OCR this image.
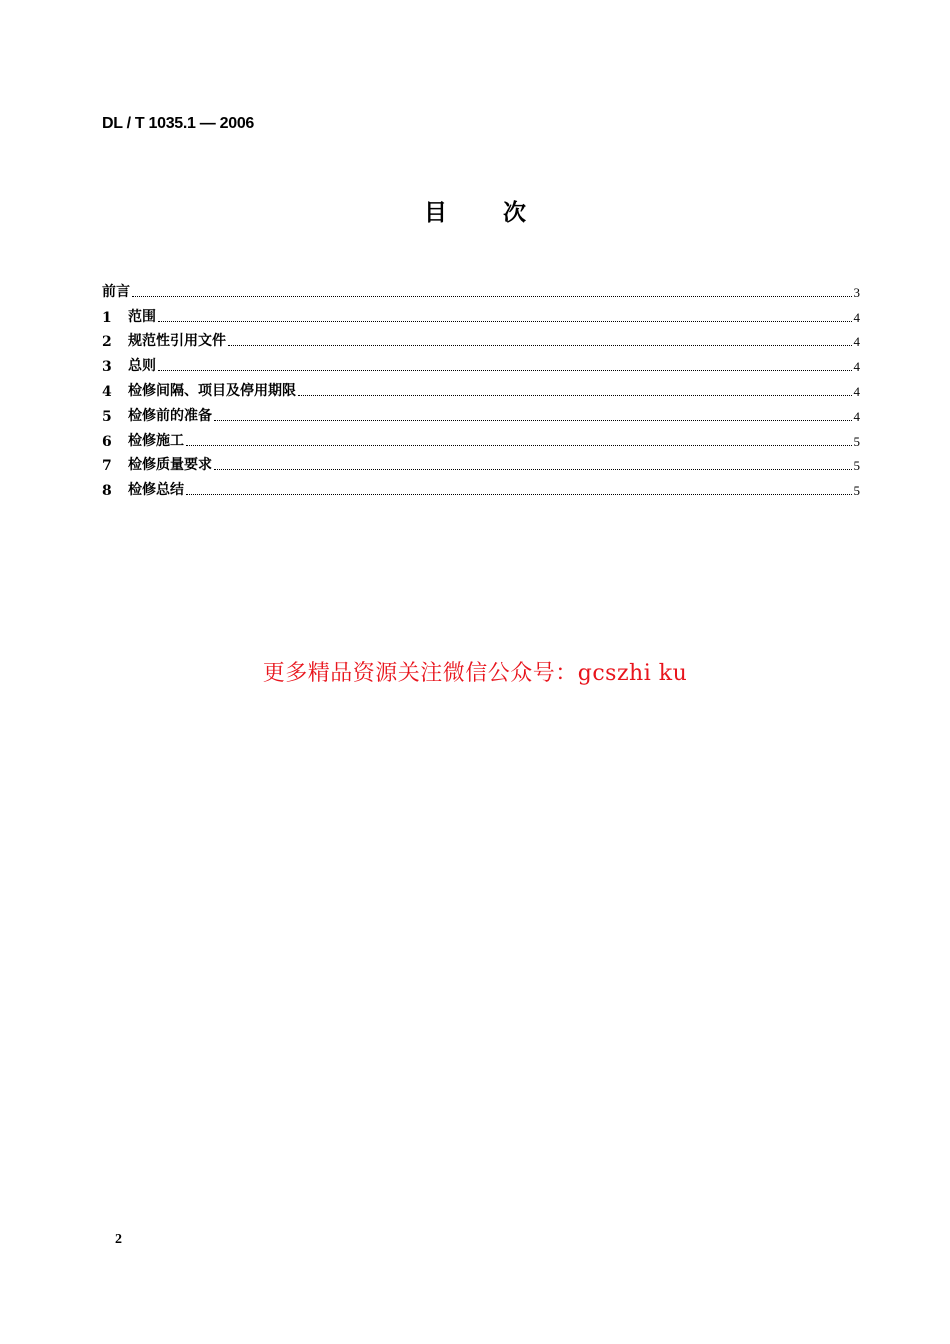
DL / T 1035.1 — 2006
目 次
前言	3
1	范围	4
2	规范性引用文件	4
3	总则	4
4	检修间隔、项目及停用期限	4
5	检修前的准备	4
6	检修施工	5
7	检修质量要求	5
8	检修总结	5
更多精品资源关注微信公众号：gcszhi ku
2
